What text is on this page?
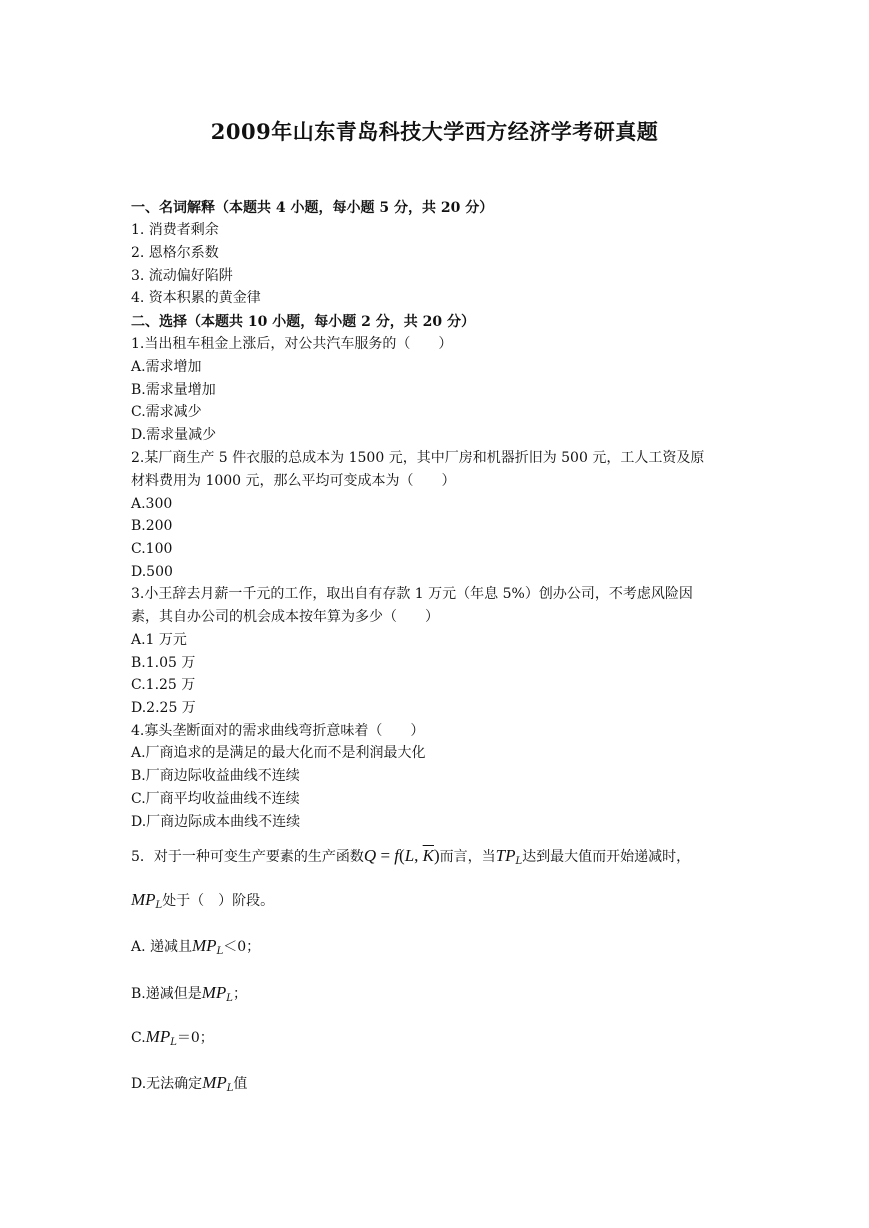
2009年山东青岛科技大学西方经济学考研真题
一、名词解释（本题共 4 小题，每小题 5 分，共 20 分）
1. 消费者剩余
2. 恩格尔系数
3. 流动偏好陷阱
4. 资本积累的黄金律
二、选择（本题共 10 小题，每小题 2 分，共 20 分）
1.当出租车租金上涨后，对公共汽车服务的（　　）
A.需求增加
B.需求量增加
C.需求减少
D.需求量减少
2.某厂商生产 5 件衣服的总成本为 1500 元，其中厂房和机器折旧为 500 元，工人工资及原
材料费用为 1000 元，那么平均可变成本为（　　）
A.300
B.200
C.100
D.500
3.小王辞去月薪一千元的工作，取出自有存款 1 万元（年息 5%）创办公司，不考虑风险因
素，其自办公司的机会成本按年算为多少（　　）
A.1 万元
B.1.05 万
C.1.25 万
D.2.25 万
4.寡头垄断面对的需求曲线弯折意味着（　　）
A.厂商追求的是满足的最大化而不是利润最大化
B.厂商边际收益曲线不连续
C.厂商平均收益曲线不连续
D.厂商边际成本曲线不连续
5．对于一种可变生产要素的生产函数Q = f(L, $\overline{K}$)而言，当$TP_L$达到最大值而开始递减时，
$MP_L$处于（　）阶段。
A. 递减且$MP_L<0$；
B.递减但是$MP_L$；
$C.MP_L=0$；
D.无法确定$MP_L$值
